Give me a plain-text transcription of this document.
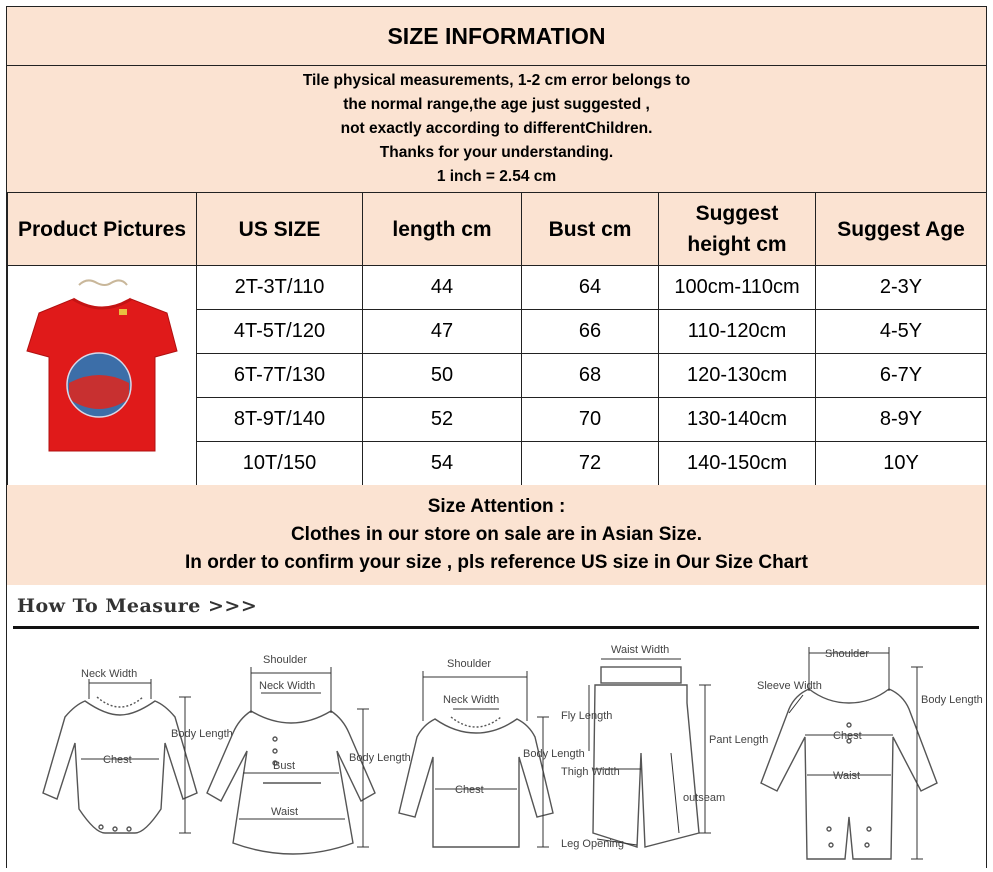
SIZE INFORMATION
Tile physical measurements, 1-2 cm error belongs to
the normal range,the age just suggested ,
not exactly according to differentChildren.
Thanks for your understanding.
1 inch = 2.54 cm
Product Pictures	US SIZE	length cm	Bust cm	Suggest height cm	Suggest Age
	2T-3T/110	44	64	100cm-110cm	2-3Y
	4T-5T/120	47	66	110-120cm	4-5Y
	6T-7T/130	50	68	120-130cm	6-7Y
	8T-9T/140	52	70	130-140cm	8-9Y
	10T/150	54	72	140-150cm	10Y
Size Attention :
Clothes in our store on sale are in Asian Size.
In order to confirm your size , pls reference US size in Our Size Chart
How To Measure >>>
Neck Width
Chest
Body Length
Shoulder
Neck Width
Bust
Waist
Body Length
Shoulder
Neck Width
Chest
Body Length
Waist Width
Fly Length
Pant Length
Thigh Width
outseam
Leg Opening
Shoulder
Sleeve Width
Chest
Waist
Body Length
